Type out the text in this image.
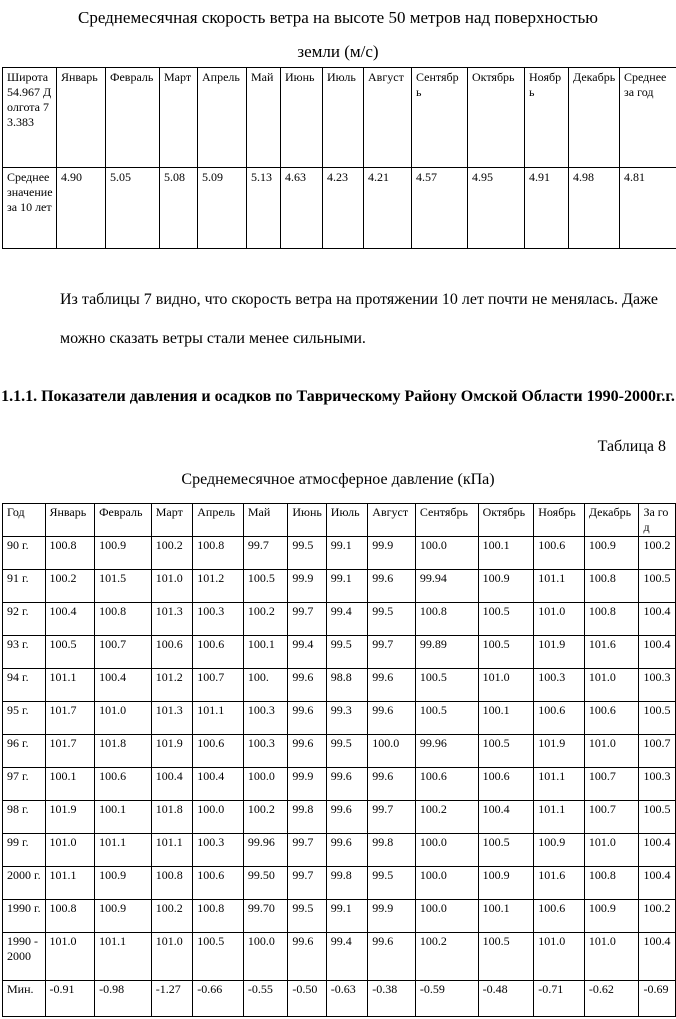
Среднемесячная скорость ветра на высоте 50 метров над поверхностью
земли (м/с)
Широта 54.967 Долгота 73.383	Январь	Февраль	Март	Апрель	Май	Июнь	Июль	Август	Сентябрь	Октябрь	Ноябрь	Декабрь	Среднее за год
Среднее значение за 10 лет	4.90	5.05	5.08	5.09	5.13	4.63	4.23	4.21	4.57	4.95	4.91	4.98	4.81
Из таблицы 7 видно, что скорость ветра на протяжении 10 лет почти не менялась. Даже можно сказать ветры стали менее сильными.
1.1.1. Показатели давления и осадков по Таврическому Району Омской Области 1990-2000г.г.
Таблица 8
Среднемесячное атмосферное давление (кПа)
Год	Январь	Февраль	Март	Апрель	Май	Июнь	Июль	Август	Сентябрь	Октябрь	Ноябрь	Декабрь	За год
90 г.	100.8	100.9	100.2	100.8	99.7	99.5	99.1	99.9	100.0	100.1	100.6	100.9	100.2
91 г.	100.2	101.5	101.0	101.2	100.5	99.9	99.1	99.6	99.94	100.9	101.1	100.8	100.5
92 г.	100.4	100.8	101.3	100.3	100.2	99.7	99.4	99.5	100.8	100.5	101.0	100.8	100.4
93 г.	100.5	100.7	100.6	100.6	100.1	99.4	99.5	99.7	99.89	100.5	101.9	101.6	100.4
94 г.	101.1	100.4	101.2	100.7	100.	99.6	98.8	99.6	100.5	101.0	100.3	101.0	100.3
95 г.	101.7	101.0	101.3	101.1	100.3	99.6	99.3	99.6	100.5	100.1	100.6	100.6	100.5
96 г.	101.7	101.8	101.9	100.6	100.3	99.6	99.5	100.0	99.96	100.5	101.9	101.0	100.7
97 г.	100.1	100.6	100.4	100.4	100.0	99.9	99.6	99.6	100.6	100.6	101.1	100.7	100.3
98 г.	101.9	100.1	101.8	100.0	100.2	99.8	99.6	99.7	100.2	100.4	101.1	100.7	100.5
99 г.	101.0	101.1	101.1	100.3	99.96	99.7	99.6	99.8	100.0	100.5	100.9	101.0	100.4
2000 г.	101.1	100.9	100.8	100.6	99.50	99.7	99.8	99.5	100.0	100.9	101.6	100.8	100.4
1990 г.	100.8	100.9	100.2	100.8	99.70	99.5	99.1	99.9	100.0	100.1	100.6	100.9	100.2
1990 - 2000	101.0	101.1	101.0	100.5	100.0	99.6	99.4	99.6	100.2	100.5	101.0	101.0	100.4
Мин.	-0.91	-0.98	-1.27	-0.66	-0.55	-0.50	-0.63	-0.38	-0.59	-0.48	-0.71	-0.62	-0.69
